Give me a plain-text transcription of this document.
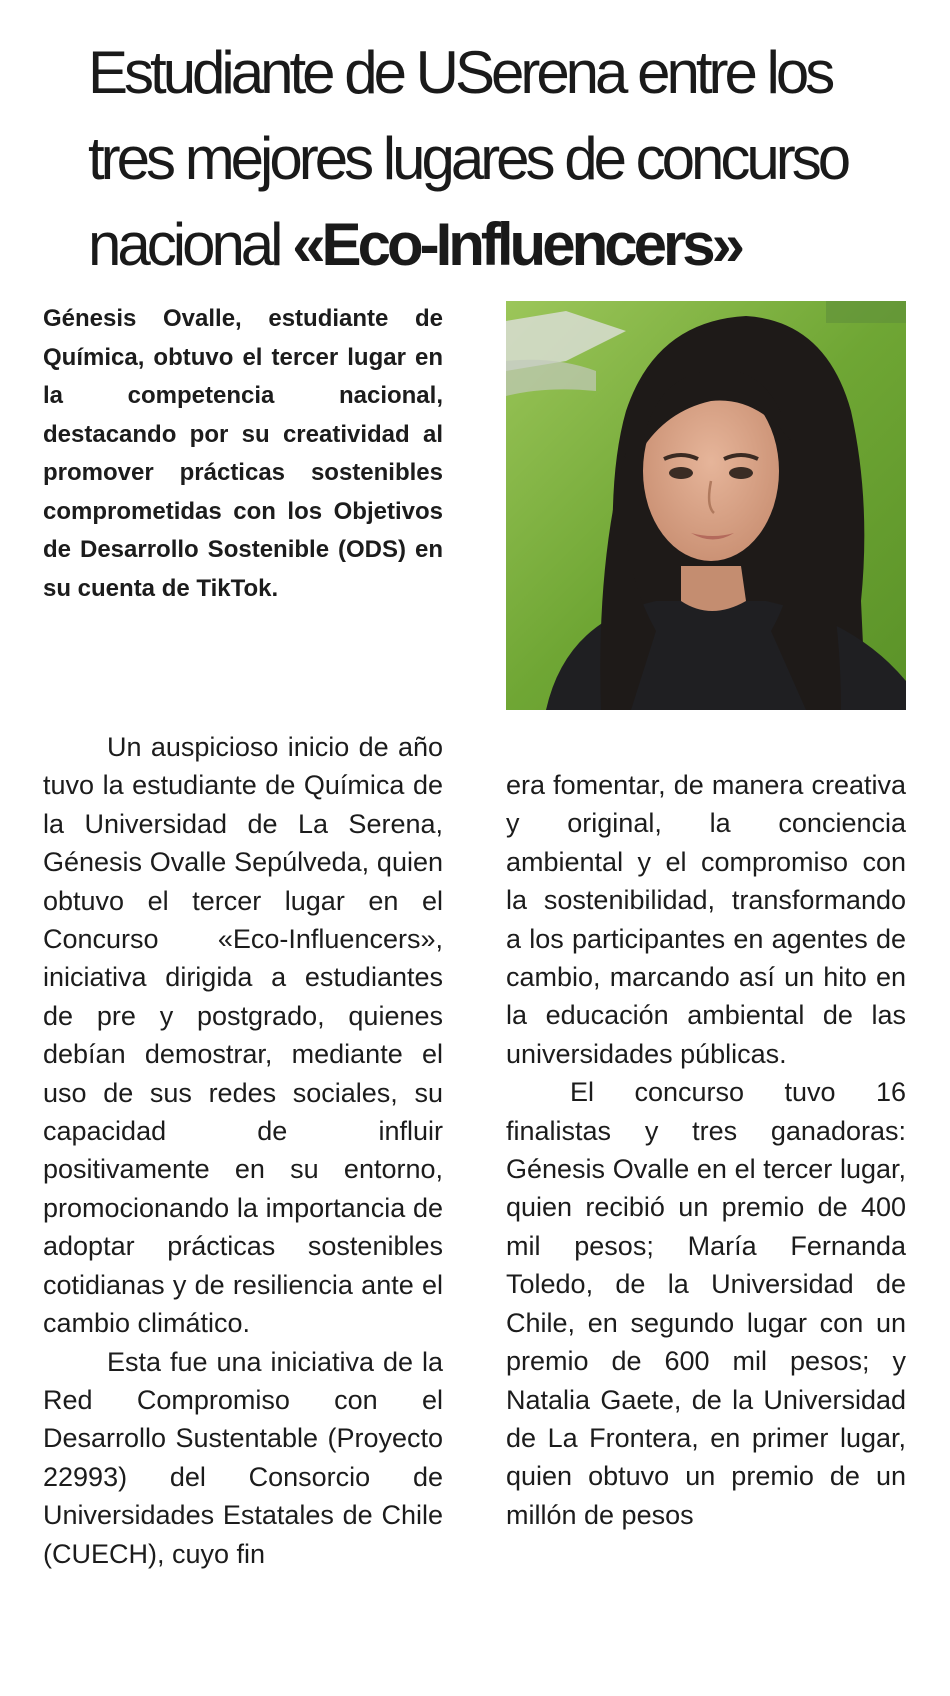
Estudiante de USerena entre los tres mejores lugares de concurso nacional «Eco-Influencers»

Génesis Ovalle, estudiante de Química, obtuvo el tercer lugar en la competencia nacional, destacando por su creatividad al promover prácticas sostenibles comprometidas con los Objetivos de Desarrollo Sostenible (ODS) en su cuenta de TikTok.

Un auspicioso inicio de año tuvo la estudiante de Química de la Universidad de La Serena, Génesis Ovalle Sepúlveda, quien obtuvo el tercer lugar en el Concurso «Eco-Influencers», iniciativa dirigida a estudiantes de pre y postgrado, quienes debían demostrar, mediante el uso de sus redes sociales, su capacidad de influir positivamente en su entorno, promocionando la importancia de adoptar prácticas sostenibles cotidianas y de resiliencia ante el cambio climático.

Esta fue una iniciativa de la Red Compromiso con el Desarrollo Sustentable (Proyecto 22993) del Consorcio de Universidades Estatales de Chile (CUECH), cuyo fin

era fomentar, de manera creativa y original, la conciencia ambiental y el compromiso con la sostenibilidad, transformando a los participantes en agentes de cambio, marcando así un hito en la educación ambiental de las universidades públicas.

El concurso tuvo 16 finalistas y tres ganadoras: Génesis Ovalle en el tercer lugar, quien recibió un premio de 400 mil pesos; María Fernanda Toledo, de la Universidad de Chile, en segundo lugar con un premio de 600 mil pesos; y Natalia Gaete, de la Universidad de La Frontera, en primer lugar, quien obtuvo un premio de un millón de pesos
